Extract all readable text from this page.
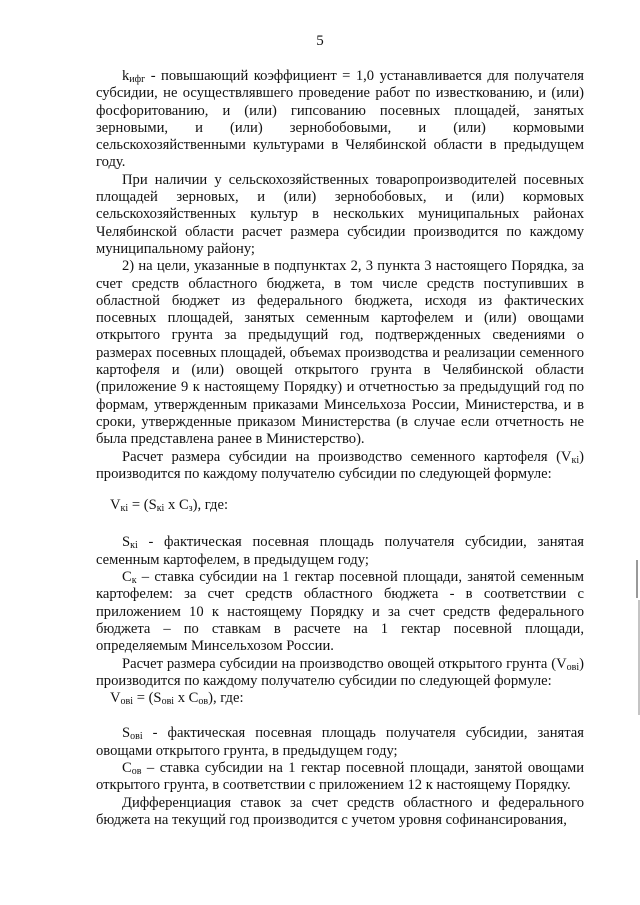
5

$k_{ифг}$ - повышающий коэффициент = 1,0 устанавливается для получателя субсидии, не осуществлявшего проведение работ по известкованию, и (или) фосфоритованию, и (или) гипсованию посевных площадей, занятых зерновыми, и (или) зернобобовыми, и (или) кормовыми сельскохозяйственными культурами в Челябинской области в предыдущем году.

При наличии у сельскохозяйственных товаропроизводителей посевных площадей зерновых, и (или) зернобобовых, и (или) кормовых сельскохозяйственных культур в нескольких муниципальных районах Челябинской области расчет размера субсидии производится по каждому муниципальному району;

2) на цели, указанные в подпунктах 2, 3 пункта 3 настоящего Порядка, за счет средств областного бюджета, в том числе средств поступивших в областной бюджет из федерального бюджета, исходя из фактических посевных площадей, занятых семенным картофелем и (или) овощами открытого грунта за предыдущий год, подтвержденных сведениями о размерах посевных площадей, объемах производства и реализации семенного картофеля и (или) овощей открытого грунта в Челябинской области (приложение 9 к настоящему Порядку) и отчетностью за предыдущий год по формам, утвержденным приказами Минсельхоза России, Министерства, и в сроки, утвержденные приказом Министерства (в случае если отчетность не была представлена ранее в Министерство).

Расчет размера субсидии на производство семенного картофеля $(V_{кi})$ производится по каждому получателю субсидии по следующей формуле:

$V_{кi} = (S_{кi}$ x $C_з$), где:

$S_{кi}$ - фактическая посевная площадь получателя субсидии, занятая семенным картофелем, в предыдущем году;

$C_к$ – ставка субсидии на 1 гектар посевной площади, занятой семенным картофелем: за счет средств областного бюджета - в соответствии с приложением 10 к настоящему Порядку и за счет средств федерального бюджета – по ставкам в расчете на 1 гектар посевной площади, определяемым Минсельхозом России.

Расчет размера субсидии на производство овощей открытого грунта $(V_{овi})$ производится по каждому получателю субсидии по следующей формуле:

$V_{овi} = (S_{овi}$ x $C_{ов}$), где:

$S_{овi}$ - фактическая посевная площадь получателя субсидии, занятая овощами открытого грунта, в предыдущем году;

$C_{ов}$ – ставка субсидии на 1 гектар посевной площади, занятой овощами открытого грунта, в соответствии с приложением 12 к настоящему Порядку.

Дифференциация ставок за счет средств областного и федерального бюджета на текущий год производится с учетом уровня софинансирования,
